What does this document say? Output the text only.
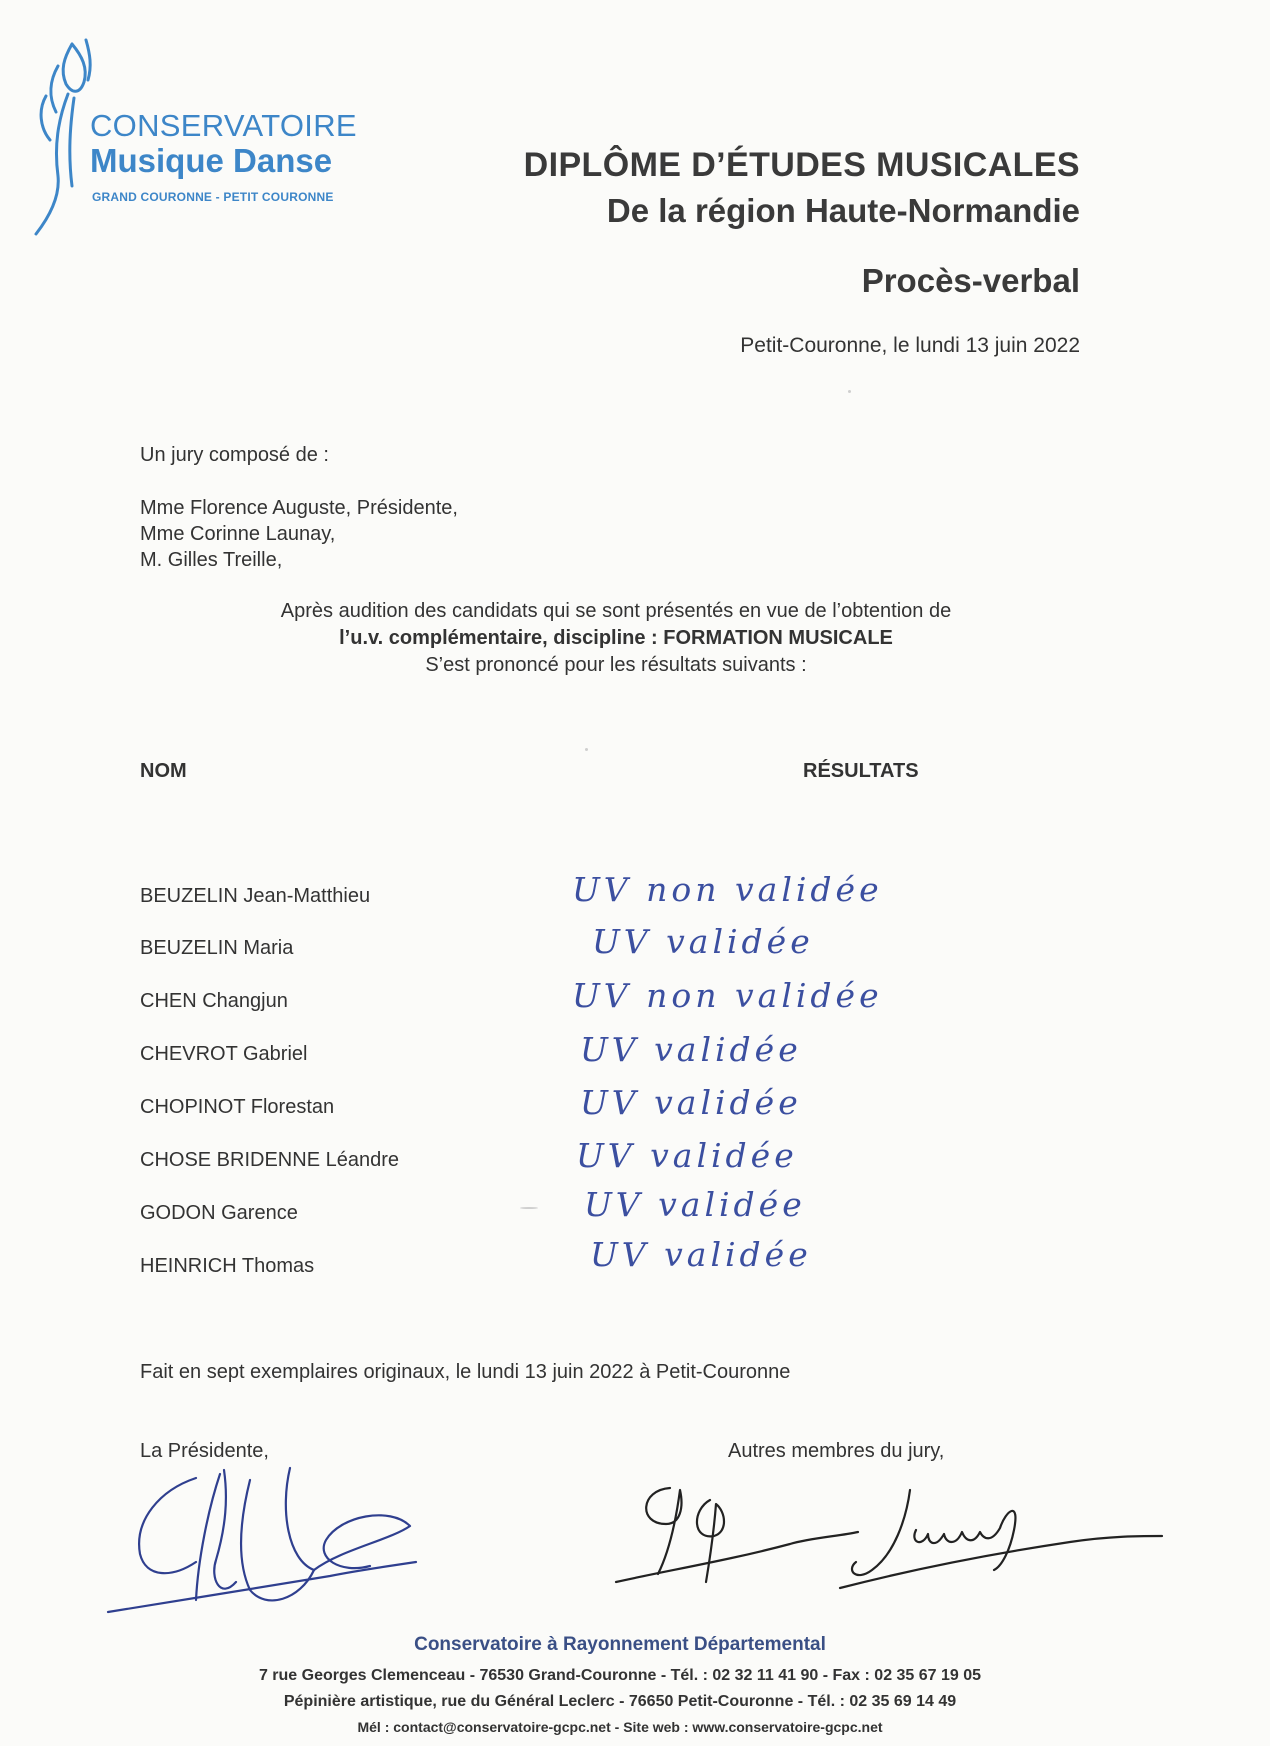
CONSERVATOIRE
Musique Danse
GRAND COURONNE - PETIT COURONNE
DIPLÔME D’ÉTUDES MUSICALES
De la région Haute-Normandie
Procès-verbal
Petit-Couronne, le lundi 13 juin 2022
Un jury composé de :
Mme Florence Auguste, Présidente,
Mme Corinne Launay,
M. Gilles Treille,
Après audition des candidats qui se sont présentés en vue de l’obtention de
l’u.v. complémentaire, discipline : FORMATION MUSICALE
S’est prononcé pour les résultats suivants :
NOM	RÉSULTATS
BEUZELIN Jean-Matthieu	UV non validée
BEUZELIN Maria	UV validée
CHEN Changjun	UV non validée
CHEVROT Gabriel	UV validée
CHOPINOT Florestan	UV validée
CHOSE BRIDENNE Léandre	UV validée
GODON Garence	UV validée
HEINRICH Thomas	UV validée
Fait en sept exemplaires originaux, le lundi 13 juin 2022 à Petit-Couronne
La Présidente,	Autres membres du jury,
Conservatoire à Rayonnement Départemental
7 rue Georges Clemenceau - 76530 Grand-Couronne - Tél. : 02 32 11 41 90 - Fax : 02 35 67 19 05
Pépinière artistique, rue du Général Leclerc - 76650 Petit-Couronne - Tél. : 02 35 69 14 49
Mél : contact@conservatoire-gcpc.net - Site web : www.conservatoire-gcpc.net
